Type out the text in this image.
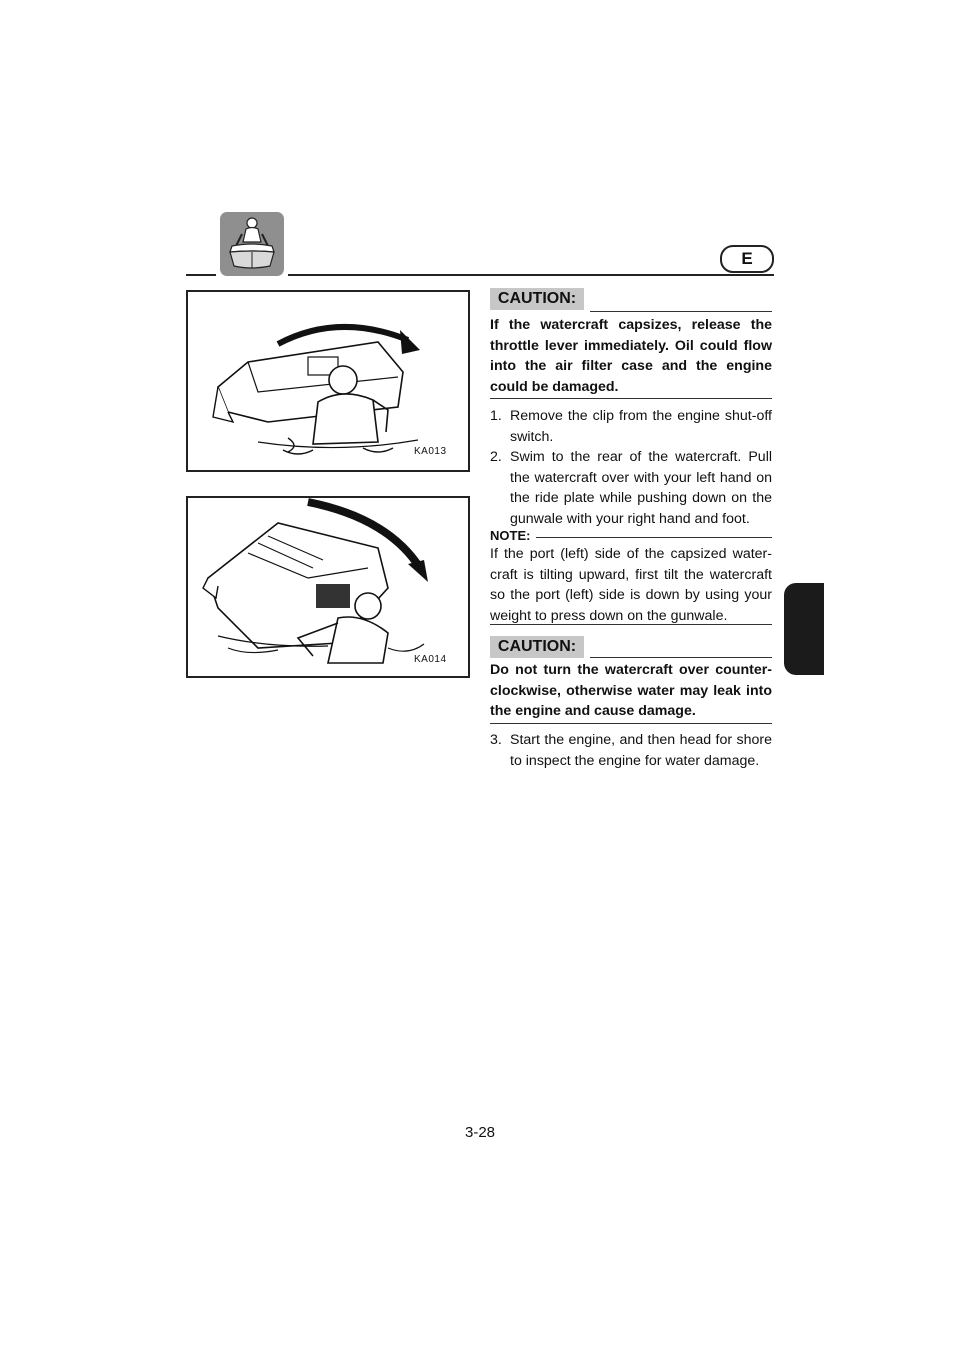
E
KA013
KA014
CAUTION:
If the watercraft capsizes, release the throttle lever immediately. Oil could flow into the air filter case and the engine could be damaged.
1. Remove the clip from the engine shut-off switch.
2. Swim to the rear of the watercraft. Pull the watercraft over with your left hand on the ride plate while pushing down on the gunwale with your right hand and foot.
NOTE:
If the port (left) side of the capsized water-craft is tilting upward, first tilt the watercraft so the port (left) side is down by using your weight to press down on the gunwale.
CAUTION:
Do not turn the watercraft over counter-clockwise, otherwise water may leak into the engine and cause damage.
3. Start the engine, and then head for shore to inspect the engine for water damage.
3-28
